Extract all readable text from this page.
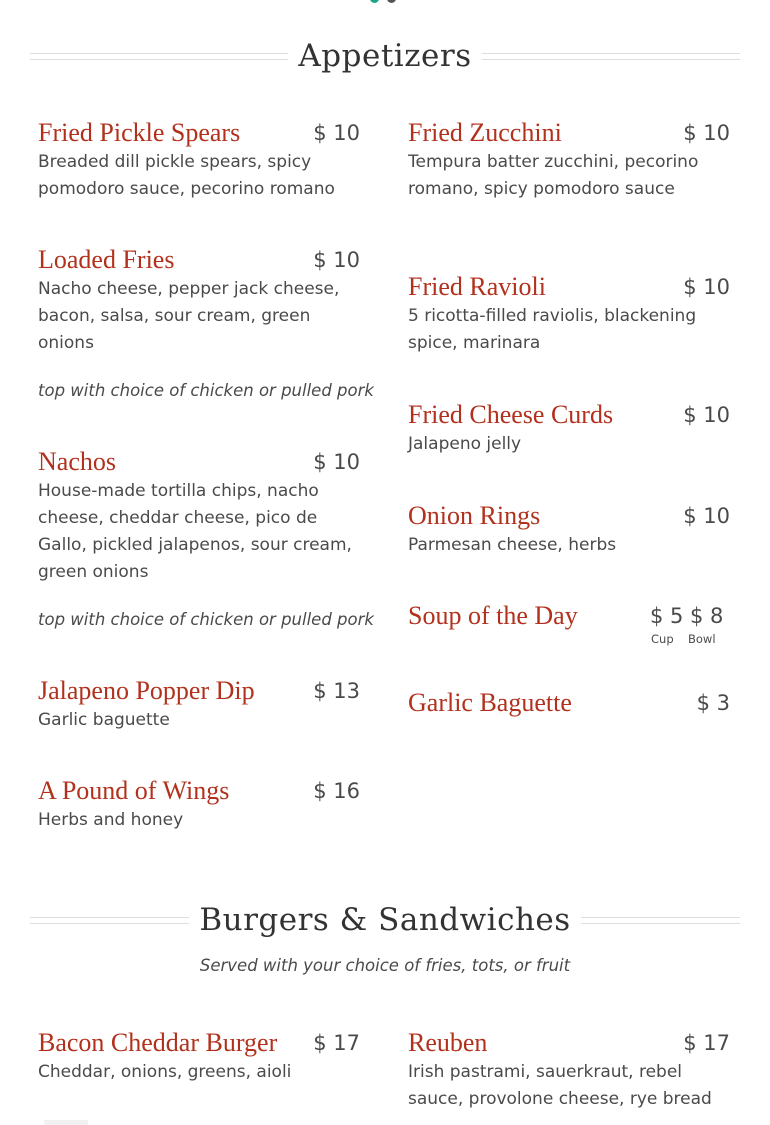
Appetizers
Fried Pickle Spears	$ 10
Breaded dill pickle spears, spicy pomodoro sauce, pecorino romano
Loaded Fries	$ 10
Nacho cheese, pepper jack cheese, bacon, salsa, sour cream, green onions
top with choice of chicken or pulled pork
Nachos	$ 10
House-made tortilla chips, nacho cheese, cheddar cheese, pico de Gallo, pickled jalapenos, sour cream, green onions
top with choice of chicken or pulled pork
Jalapeno Popper Dip	$ 13
Garlic baguette
A Pound of Wings	$ 16
Herbs and honey
Fried Zucchini	$ 10
Tempura batter zucchini, pecorino romano, spicy pomodoro sauce
Fried Ravioli	$ 10
5 ricotta-filled raviolis, blackening spice, marinara
Fried Cheese Curds	$ 10
Jalapeno jelly
Onion Rings	$ 10
Parmesan cheese, herbs
Soup of the Day	$ 5 $ 8
Cup Bowl
Garlic Baguette	$ 3
Burgers & Sandwiches
Served with your choice of fries, tots, or fruit
Bacon Cheddar Burger $ 17
Cheddar, onions, greens, aioli
Reuben	$ 17
Irish pastrami, sauerkraut, rebel sauce, provolone cheese, rye bread
